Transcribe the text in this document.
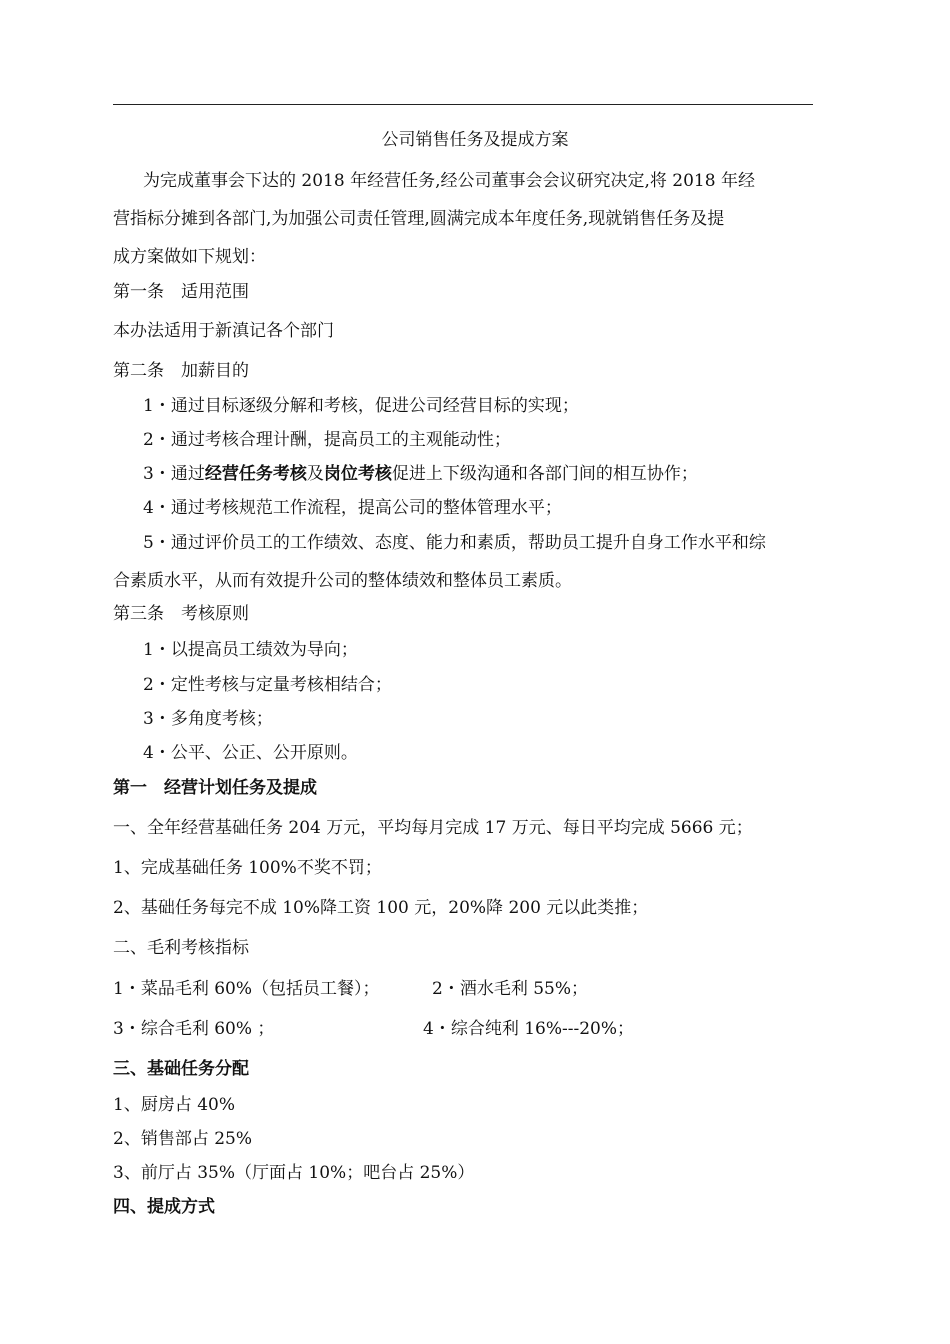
公司销售任务及提成方案
为完成董事会下达的 2018 年经营任务,经公司董事会会议研究决定,将 2018 年经
营指标分摊到各部门,为加强公司责任管理,圆满完成本年度任务,现就销售任务及提
成方案做如下规划：
第一条　适用范围
本办法适用于新滇记各个部门
第二条　加薪目的
1・通过目标逐级分解和考核，促进公司经营目标的实现；
2・通过考核合理计酬，提高员工的主观能动性；
3・通过经营任务考核及岗位考核促进上下级沟通和各部门间的相互协作；
4・通过考核规范工作流程，提高公司的整体管理水平；
5・通过评价员工的工作绩效、态度、能力和素质，帮助员工提升自身工作水平和综
合素质水平，从而有效提升公司的整体绩效和整体员工素质。
第三条　考核原则
1・以提高员工绩效为导向；
2・定性考核与定量考核相结合；
3・多角度考核；
4・公平、公正、公开原则。
第一　经营计划任务及提成
一、全年经营基础任务 204 万元，平均每月完成 17 万元、每日平均完成 5666 元；
1、完成基础任务 100%不奖不罚；
2、基础任务每完不成 10%降工资 100 元，20%降 200 元以此类推；
二、毛利考核指标
1・菜品毛利 60%（包括员工餐）；	2・酒水毛利 55%；
3・综合毛利 60% ；	4・综合纯利 16%---20%；
三、基础任务分配
1、厨房占 40%
2、销售部占 25%
3、前厅占 35%（厅面占 10%；吧台占 25%）
四、提成方式
